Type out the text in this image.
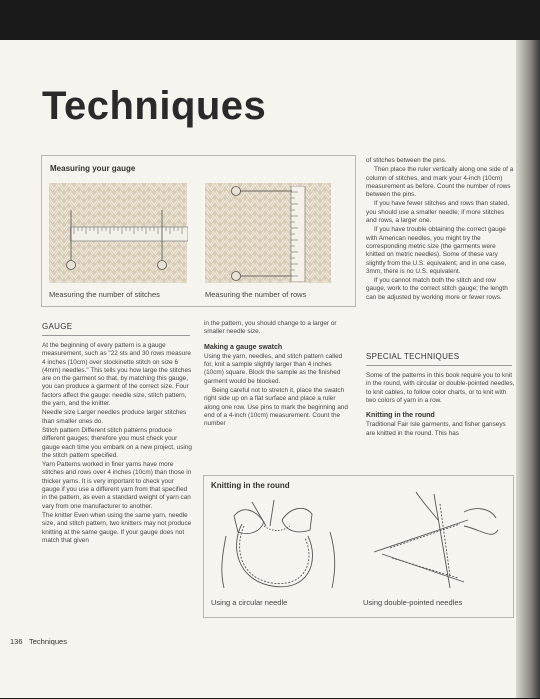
Techniques
Measuring your gauge
Measuring the number of stitches	Measuring the number of rows
GAUGE

At the beginning of every pattern is a gauge measurement, such as "22 sts and 30 rows measure 4 inches (10cm) over stockinette stitch on size 6 (4mm) needles." This tells you how large the stitches are on the garment so that, by matching this gauge, you can produce a garment of the correct size. Four factors affect the gauge: needle size, stitch pattern, the yarn, and the knitter.

Needle size Larger needles produce larger stitches than smaller ones do.

Stitch pattern Different stitch patterns produce different gauges; therefore you must check your gauge each time you embark on a new project, using the stitch pattern specified.

Yarn Patterns worked in finer yarns have more stitches and rows over 4 inches (10cm) than those in thicker yarns. It is very important to check your gauge if you use a different yarn from that specified in the pattern, as even a standard weight of yarn can vary from one manufacturer to another.

The knitter Even when using the same yarn, needle size, and stitch pattern, two knitters may not produce knitting at the same gauge. If your gauge does not match that given

in the pattern, you should change to a larger or smaller needle size.

Making a gauge swatch

Using the yarn, needles, and stitch pattern called for, knit a sample slightly larger than 4 inches (10cm) square. Block the sample as the finished garment would be blocked.

Being careful not to stretch it, place the swatch right side up on a flat surface and place a ruler along one row. Use pins to mark the beginning and end of a 4-inch (10cm) measurement. Count the number

of stitches between the pins.

Then place the ruler vertically along one side of a column of stitches, and mark your 4-inch (10cm) measurement as before. Count the number of rows between the pins.

If you have fewer stitches and rows than stated, you should use a smaller needle; if more stitches and rows, a larger one.

If you have trouble obtaining the correct gauge with American needles, you might try the corresponding metric size (the garments were knitted on metric needles). Some of these vary slightly from the U.S. equivalent; and in one case, 3mm, there is no U.S. equivalent.

If you cannot match both the stitch and row gauge, work to the correct stitch gauge; the length can be adjusted by working more or fewer rows.

SPECIAL TECHNIQUES

Some of the patterns in this book require you to knit in the round, with circular or double-pointed needles, to knit cables, to follow color charts, or to knit with two colors of yarn in a row.

Knitting in the round

Traditional Fair Isle garments, and fisher ganseys are knitted in the round. This has

Knitting in the round
Using a circular needle	Using double-pointed needles
136 Techniques
